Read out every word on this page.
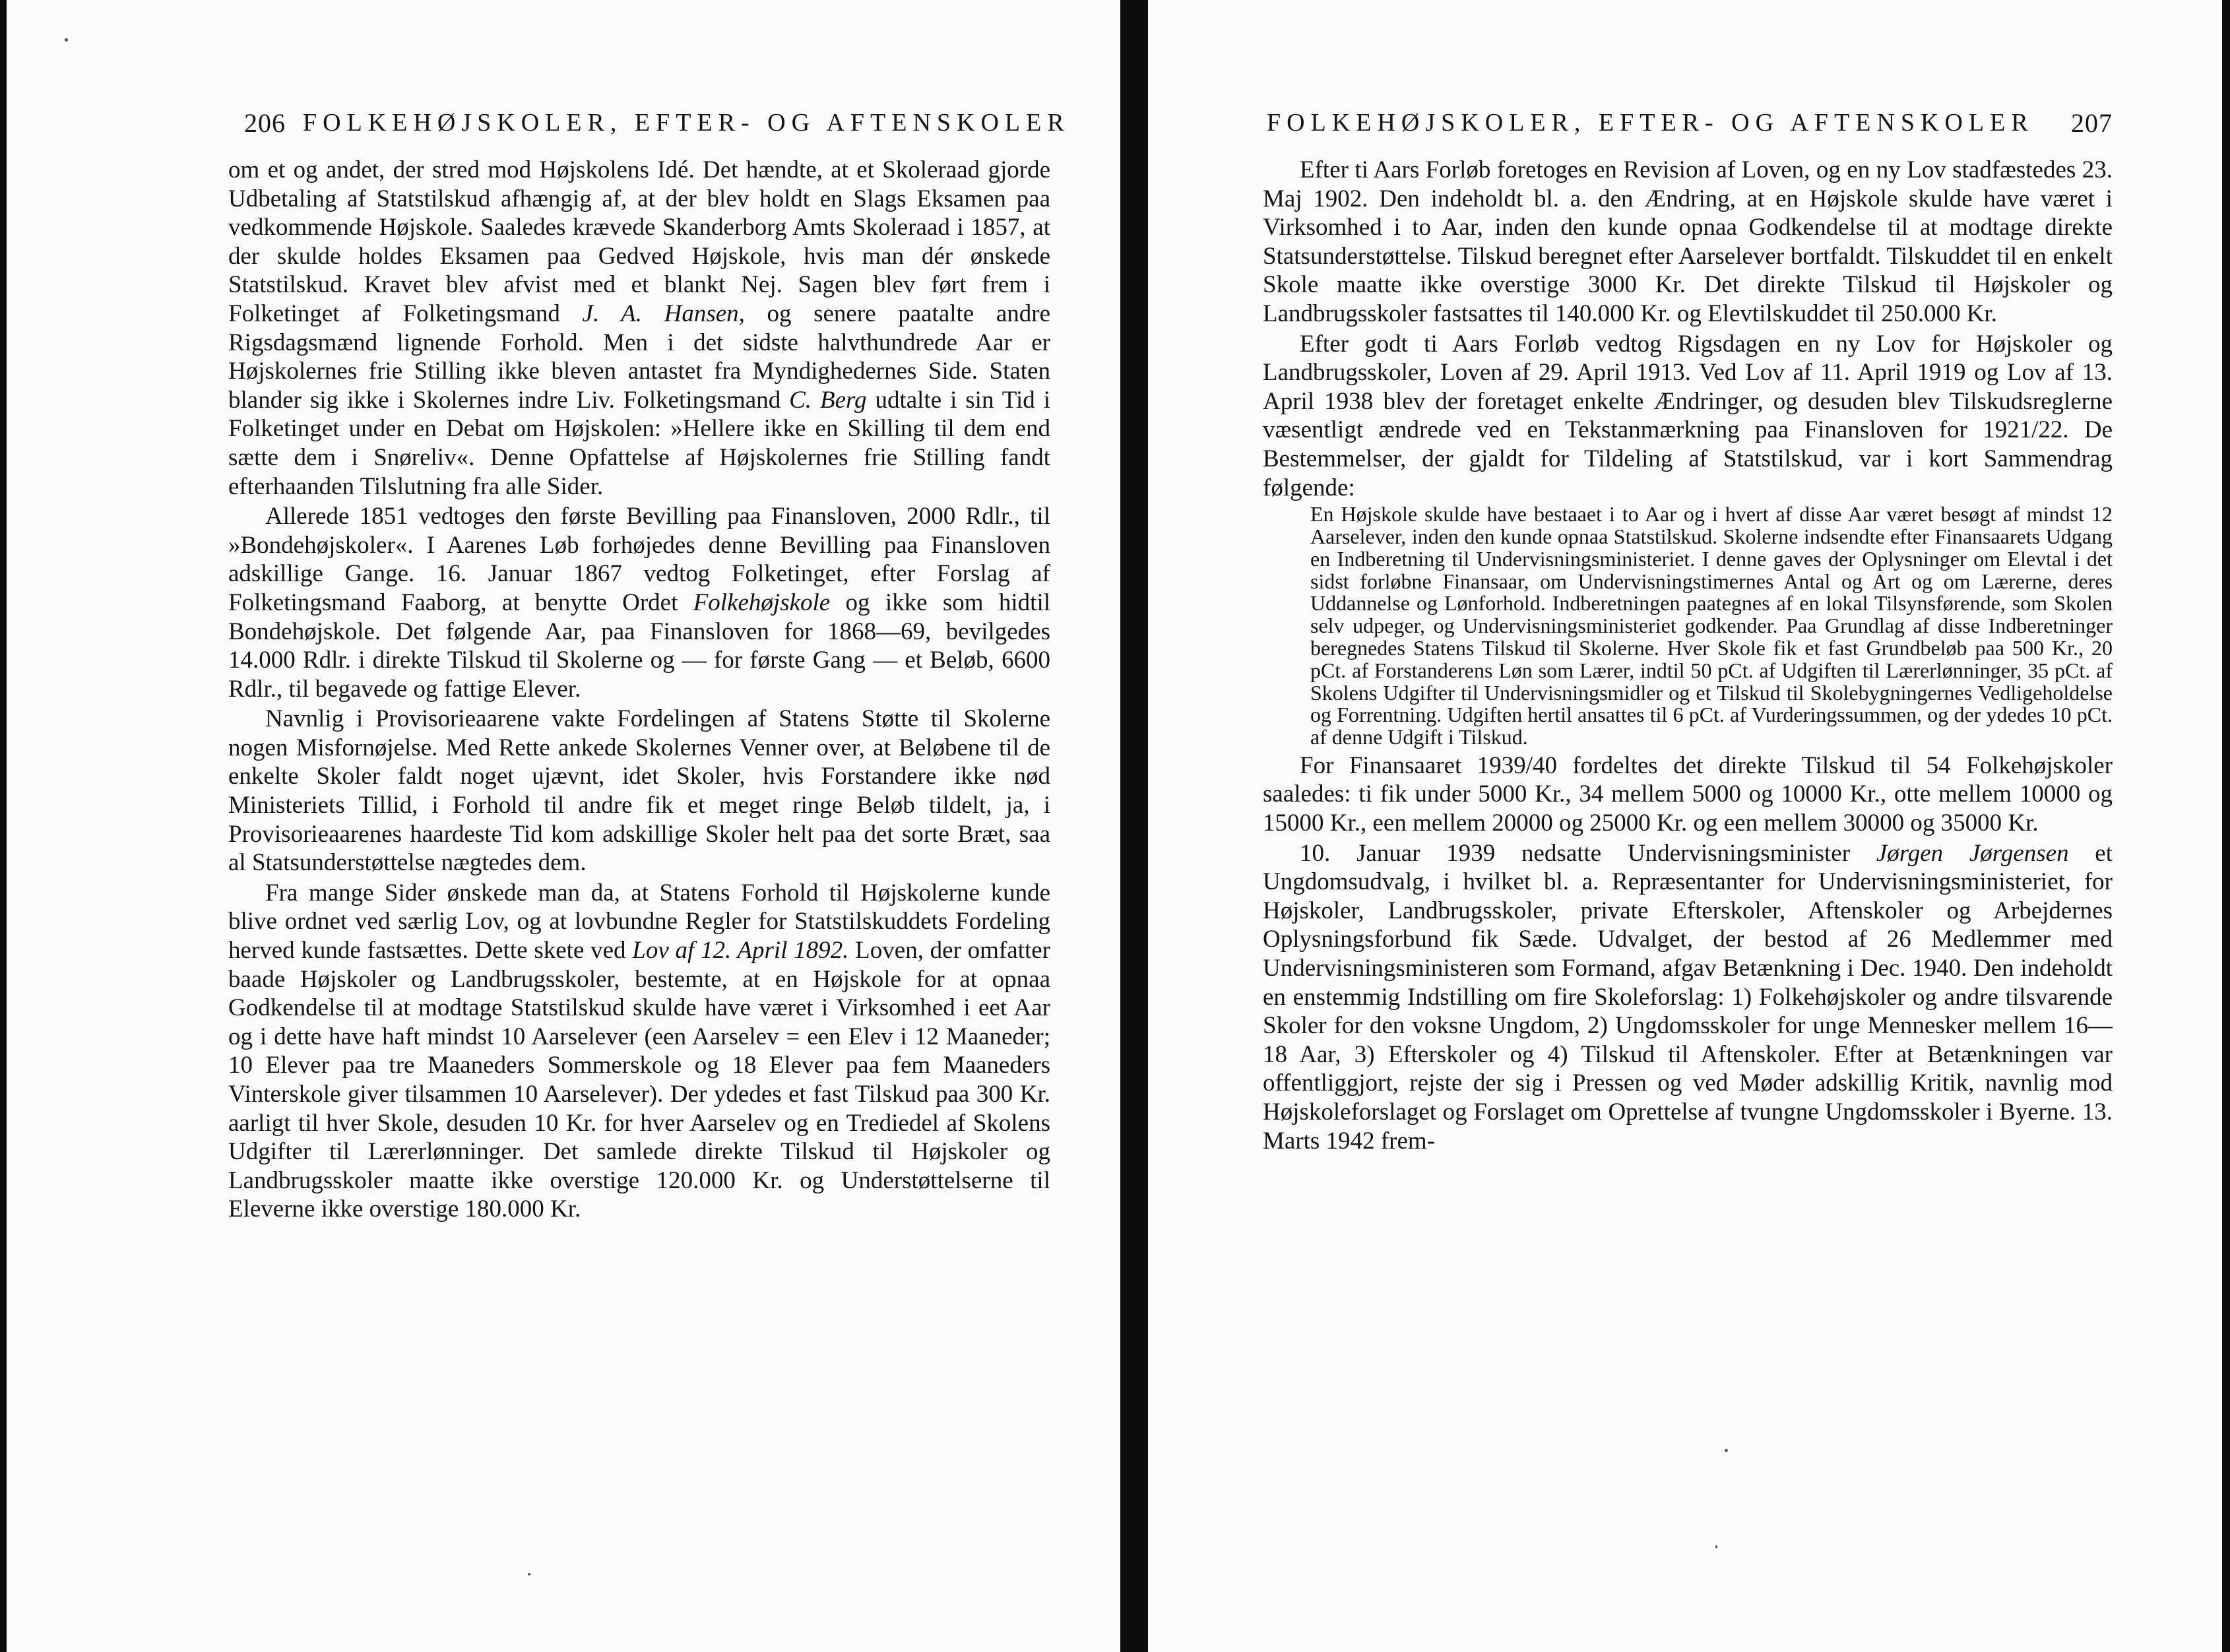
206 FOLKEHØJSKOLER, EFTER- OG AFTENSKOLER

om et og andet, der stred mod Højskolens Idé. Det hændte, at et Skoleraad gjorde Udbetaling af Statstilskud afhængig af, at der blev holdt en Slags Eksamen paa vedkommende Højskole. Saaledes krævede Skanderborg Amts Skoleraad i 1857, at der skulde holdes Eksamen paa Gedved Højskole, hvis man dér ønskede Statstilskud. Kravet blev afvist med et blankt Nej. Sagen blev ført frem i Folketinget af Folketingsmand J. A. Hansen, og senere paatalte andre Rigsdagsmænd lignende Forhold. Men i det sidste halvthundrede Aar er Højskolernes frie Stilling ikke bleven antastet fra Myndighedernes Side. Staten blander sig ikke i Skolernes indre Liv. Folketingsmand C. Berg udtalte i sin Tid i Folketinget under en Debat om Højskolen: »Hellere ikke en Skilling til dem end sætte dem i Snøreliv«. Denne Opfattelse af Højskolernes frie Stilling fandt efterhaanden Tilslutning fra alle Sider.

Allerede 1851 vedtoges den første Bevilling paa Finansloven, 2000 Rdlr., til »Bondehøjskoler«. I Aarenes Løb forhøjedes denne Bevilling paa Finansloven adskillige Gange. 16. Januar 1867 vedtog Folketinget, efter Forslag af Folketingsmand Faaborg, at benytte Ordet Folkehøjskole og ikke som hidtil Bondehøjskole. Det følgende Aar, paa Finansloven for 1868—69, bevilgedes 14.000 Rdlr. i direkte Tilskud til Skolerne og — for første Gang — et Beløb, 6600 Rdlr., til begavede og fattige Elever.

Navnlig i Provisorieaarene vakte Fordelingen af Statens Støtte til Skolerne nogen Misfornøjelse. Med Rette ankede Skolernes Venner over, at Beløbene til de enkelte Skoler faldt noget ujævnt, idet Skoler, hvis Forstandere ikke nød Ministeriets Tillid, i Forhold til andre fik et meget ringe Beløb tildelt, ja, i Provisorieaarenes haardeste Tid kom adskillige Skoler helt paa det sorte Bræt, saa al Statsunderstøttelse nægtedes dem.

Fra mange Sider ønskede man da, at Statens Forhold til Højskolerne kunde blive ordnet ved særlig Lov, og at lovbundne Regler for Statstilskuddets Fordeling herved kunde fastsættes. Dette skete ved Lov af 12. April 1892. Loven, der omfatter baade Højskoler og Landbrugsskoler, bestemte, at en Højskole for at opnaa Godkendelse til at modtage Statstilskud skulde have været i Virksomhed i eet Aar og i dette have haft mindst 10 Aarselever (een Aarselev = een Elev i 12 Maaneder; 10 Elever paa tre Maaneders Sommerskole og 18 Elever paa fem Maaneders Vinterskole giver tilsammen 10 Aarselever). Der ydedes et fast Tilskud paa 300 Kr. aarligt til hver Skole, desuden 10 Kr. for hver Aarselev og en Trediedel af Skolens Udgifter til Lærerlønninger. Det samlede direkte Tilskud til Højskoler og Landbrugsskoler maatte ikke overstige 120.000 Kr. og Understøttelserne til Eleverne ikke overstige 180.000 Kr.

FOLKEHØJSKOLER, EFTER- OG AFTENSKOLER 207

Efter ti Aars Forløb foretoges en Revision af Loven, og en ny Lov stadfæstedes 23. Maj 1902. Den indeholdt bl. a. den Ændring, at en Højskole skulde have været i Virksomhed i to Aar, inden den kunde opnaa Godkendelse til at modtage direkte Statsunderstøttelse. Tilskud beregnet efter Aarselever bortfaldt. Tilskuddet til en enkelt Skole maatte ikke overstige 3000 Kr. Det direkte Tilskud til Højskoler og Landbrugsskoler fastsattes til 140.000 Kr. og Elevtilskuddet til 250.000 Kr.

Efter godt ti Aars Forløb vedtog Rigsdagen en ny Lov for Højskoler og Landbrugsskoler, Loven af 29. April 1913. Ved Lov af 11. April 1919 og Lov af 13. April 1938 blev der foretaget enkelte Ændringer, og desuden blev Tilskudsreglerne væsentligt ændrede ved en Tekstanmærkning paa Finansloven for 1921/22. De Bestemmelser, der gjaldt for Tildeling af Statstilskud, var i kort Sammendrag følgende:

En Højskole skulde have bestaaet i to Aar og i hvert af disse Aar været besøgt af mindst 12 Aarselever, inden den kunde opnaa Statstilskud. Skolerne indsendte efter Finansaarets Udgang en Indberetning til Undervisningsministeriet. I denne gaves der Oplysninger om Elevtal i det sidst forløbne Finansaar, om Undervisningstimernes Antal og Art og om Lærerne, deres Uddannelse og Lønforhold. Indberetningen paategnes af en lokal Tilsynsførende, som Skolen selv udpeger, og Undervisningsministeriet godkender. Paa Grundlag af disse Indberetninger beregnedes Statens Tilskud til Skolerne. Hver Skole fik et fast Grundbeløb paa 500 Kr., 20 pCt. af Forstanderens Løn som Lærer, indtil 50 pCt. af Udgiften til Lærerlønninger, 35 pCt. af Skolens Udgifter til Undervisningsmidler og et Tilskud til Skolebygningernes Vedligeholdelse og Forrentning. Udgiften hertil ansattes til 6 pCt. af Vurderingssummen, og der ydedes 10 pCt. af denne Udgift i Tilskud.

For Finansaaret 1939/40 fordeltes det direkte Tilskud til 54 Folkehøjskoler saaledes: ti fik under 5000 Kr., 34 mellem 5000 og 10000 Kr., otte mellem 10000 og 15000 Kr., een mellem 20000 og 25000 Kr. og een mellem 30000 og 35000 Kr.

10. Januar 1939 nedsatte Undervisningsminister Jørgen Jørgensen et Ungdomsudvalg, i hvilket bl. a. Repræsentanter for Undervisningsministeriet, for Højskoler, Landbrugsskoler, private Efterskoler, Aftenskoler og Arbejdernes Oplysningsforbund fik Sæde. Udvalget, der bestod af 26 Medlemmer med Undervisningsministeren som Formand, afgav Betænkning i Dec. 1940. Den indeholdt en enstemmig Indstilling om fire Skoleforslag: 1) Folkehøjskoler og andre tilsvarende Skoler for den voksne Ungdom, 2) Ungdomsskoler for unge Mennesker mellem 16—18 Aar, 3) Efterskoler og 4) Tilskud til Aftenskoler. Efter at Betænkningen var offentliggjort, rejste der sig i Pressen og ved Møder adskillig Kritik, navnlig mod Højskoleforslaget og Forslaget om Oprettelse af tvungne Ungdomsskoler i Byerne. 13. Marts 1942 frem-
